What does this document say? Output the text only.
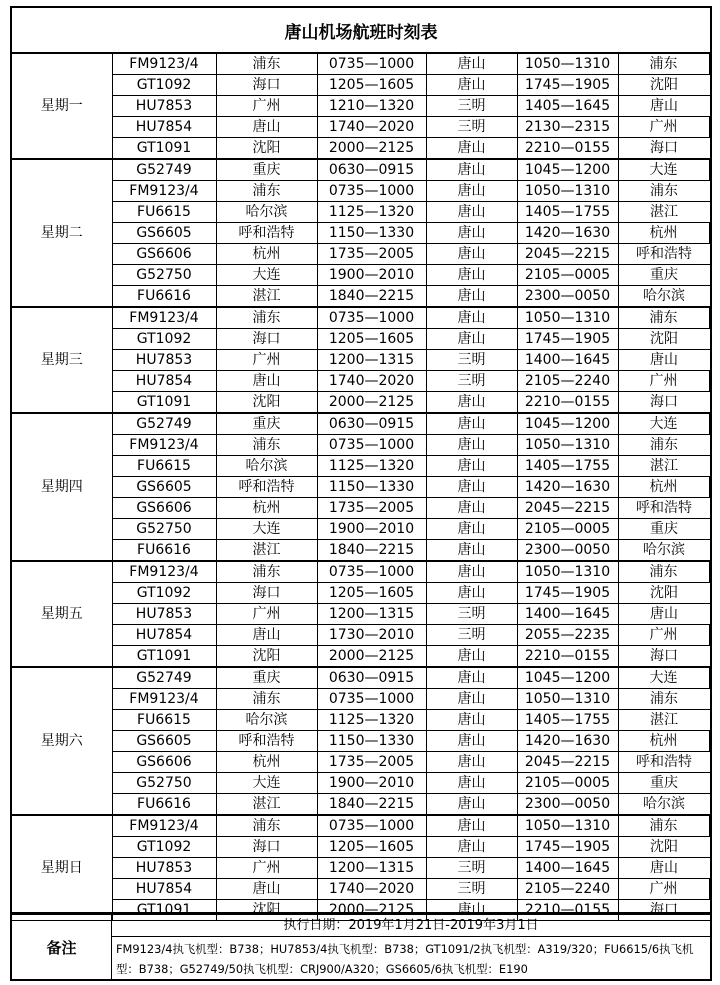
唐山机场航班时刻表
星期一	FM9123/4	浦东	0735—1000	唐山	1050—1310	浦东
	GT1092	海口	1205—1605	唐山	1745—1905	沈阳
	HU7853	广州	1210—1320	三明	1405—1645	唐山
	HU7854	唐山	1740—2020	三明	2130—2315	广州
	GT1091	沈阳	2000—2125	唐山	2210—0155	海口
星期二	G52749	重庆	0630—0915	唐山	1045—1200	大连
	FM9123/4	浦东	0735—1000	唐山	1050—1310	浦东
	FU6615	哈尔滨	1125—1320	唐山	1405—1755	湛江
	GS6605	呼和浩特	1150—1330	唐山	1420—1630	杭州
	GS6606	杭州	1735—2005	唐山	2045—2215	呼和浩特
	G52750	大连	1900—2010	唐山	2105—0005	重庆
	FU6616	湛江	1840—2215	唐山	2300—0050	哈尔滨
星期三	FM9123/4	浦东	0735—1000	唐山	1050—1310	浦东
	GT1092	海口	1205—1605	唐山	1745—1905	沈阳
	HU7853	广州	1200—1315	三明	1400—1645	唐山
	HU7854	唐山	1740—2020	三明	2105—2240	广州
	GT1091	沈阳	2000—2125	唐山	2210—0155	海口
星期四	G52749	重庆	0630—0915	唐山	1045—1200	大连
	FM9123/4	浦东	0735—1000	唐山	1050—1310	浦东
	FU6615	哈尔滨	1125—1320	唐山	1405—1755	湛江
	GS6605	呼和浩特	1150—1330	唐山	1420—1630	杭州
	GS6606	杭州	1735—2005	唐山	2045—2215	呼和浩特
	G52750	大连	1900—2010	唐山	2105—0005	重庆
	FU6616	湛江	1840—2215	唐山	2300—0050	哈尔滨
星期五	FM9123/4	浦东	0735—1000	唐山	1050—1310	浦东
	GT1092	海口	1205—1605	唐山	1745—1905	沈阳
	HU7853	广州	1200—1315	三明	1400—1645	唐山
	HU7854	唐山	1730—2010	三明	2055—2235	广州
	GT1091	沈阳	2000—2125	唐山	2210—0155	海口
星期六	G52749	重庆	0630—0915	唐山	1045—1200	大连
	FM9123/4	浦东	0735—1000	唐山	1050—1310	浦东
	FU6615	哈尔滨	1125—1320	唐山	1405—1755	湛江
	GS6605	呼和浩特	1150—1330	唐山	1420—1630	杭州
	GS6606	杭州	1735—2005	唐山	2045—2215	呼和浩特
	G52750	大连	1900—2010	唐山	2105—0005	重庆
	FU6616	湛江	1840—2215	唐山	2300—0050	哈尔滨
星期日	FM9123/4	浦东	0735—1000	唐山	1050—1310	浦东
	GT1092	海口	1205—1605	唐山	1745—1905	沈阳
	HU7853	广州	1200—1315	三明	1400—1645	唐山
	HU7854	唐山	1740—2020	三明	2105—2240	广州
	GT1091	沈阳	2000—2125	唐山	2210—0155	海口
备注
执行日期：2019年1月21日-2019年3月1日
FM9123/4执飞机型：B738；HU7853/4执飞机型：B738；GT1091/2执飞机型：A319/320；FU6615/6执飞机型：B738；G52749/50执飞机型：CRJ900/A320；GS6605/6执飞机型：E190
